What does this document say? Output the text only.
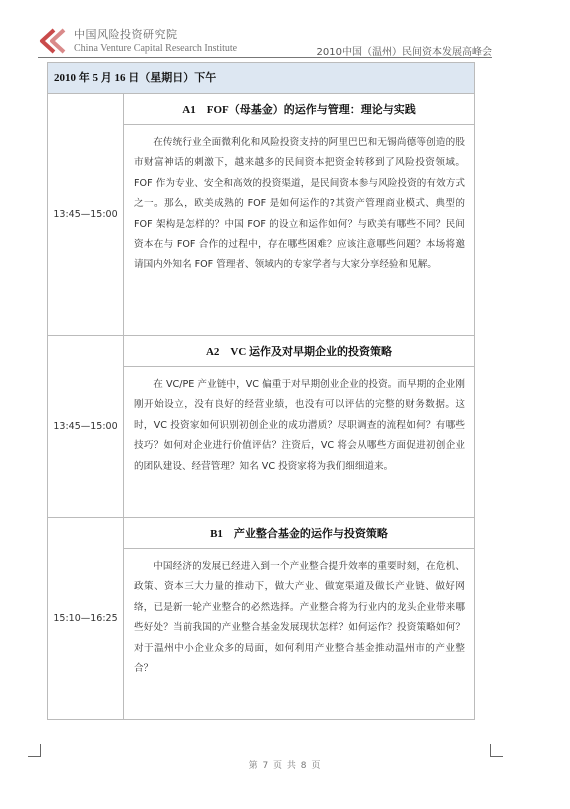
中国风险投资研究院
China Venture Capital Research Institute	2010中国（温州）民间资本发展高峰会
2010 年 5 月 16 日（星期日）下午
13:45—15:00
A1　FOF（母基金）的运作与管理：理论与实践
在传统行业全面微利化和风险投资支持的阿里巴巴和无锡尚德等创造的股市财富神话的刺激下，越来越多的民间资本把资金转移到了风险投资领域。FOF 作为专业、安全和高效的投资渠道，是民间资本参与风险投资的有效方式之一。那么，欧美成熟的 FOF 是如何运作的?其资产管理商业模式、典型的 FOF 架构是怎样的？中国 FOF 的设立和运作如何？与欧美有哪些不同？民间资本在与 FOF 合作的过程中，存在哪些困难？应该注意哪些问题？本场将邀请国内外知名 FOF 管理者、领域内的专家学者与大家分享经验和见解。
13:45—15:00
A2　VC 运作及对早期企业的投资策略
在 VC/PE 产业链中，VC 偏重于对早期创业企业的投资。而早期的企业刚刚开始设立，没有良好的经营业绩，也没有可以评估的完整的财务数据。这时，VC 投资家如何识别初创企业的成功潜质？尽职调查的流程如何？有哪些技巧？如何对企业进行价值评估？注资后，VC 将会从哪些方面促进初创企业的团队建设、经营管理？知名 VC 投资家将为我们细细道来。
15:10—16:25
B1　产业整合基金的运作与投资策略
中国经济的发展已经进入到一个产业整合提升效率的重要时刻，在危机、政策、资本三大力量的推动下，做大产业、做宽渠道及做长产业链、做好网络，已是新一轮产业整合的必然选择。产业整合将为行业内的龙头企业带来哪些好处？当前我国的产业整合基金发展现状怎样？如何运作？投资策略如何？对于温州中小企业众多的局面，如何利用产业整合基金推动温州市的产业整合？
第 7 页 共 8 页
